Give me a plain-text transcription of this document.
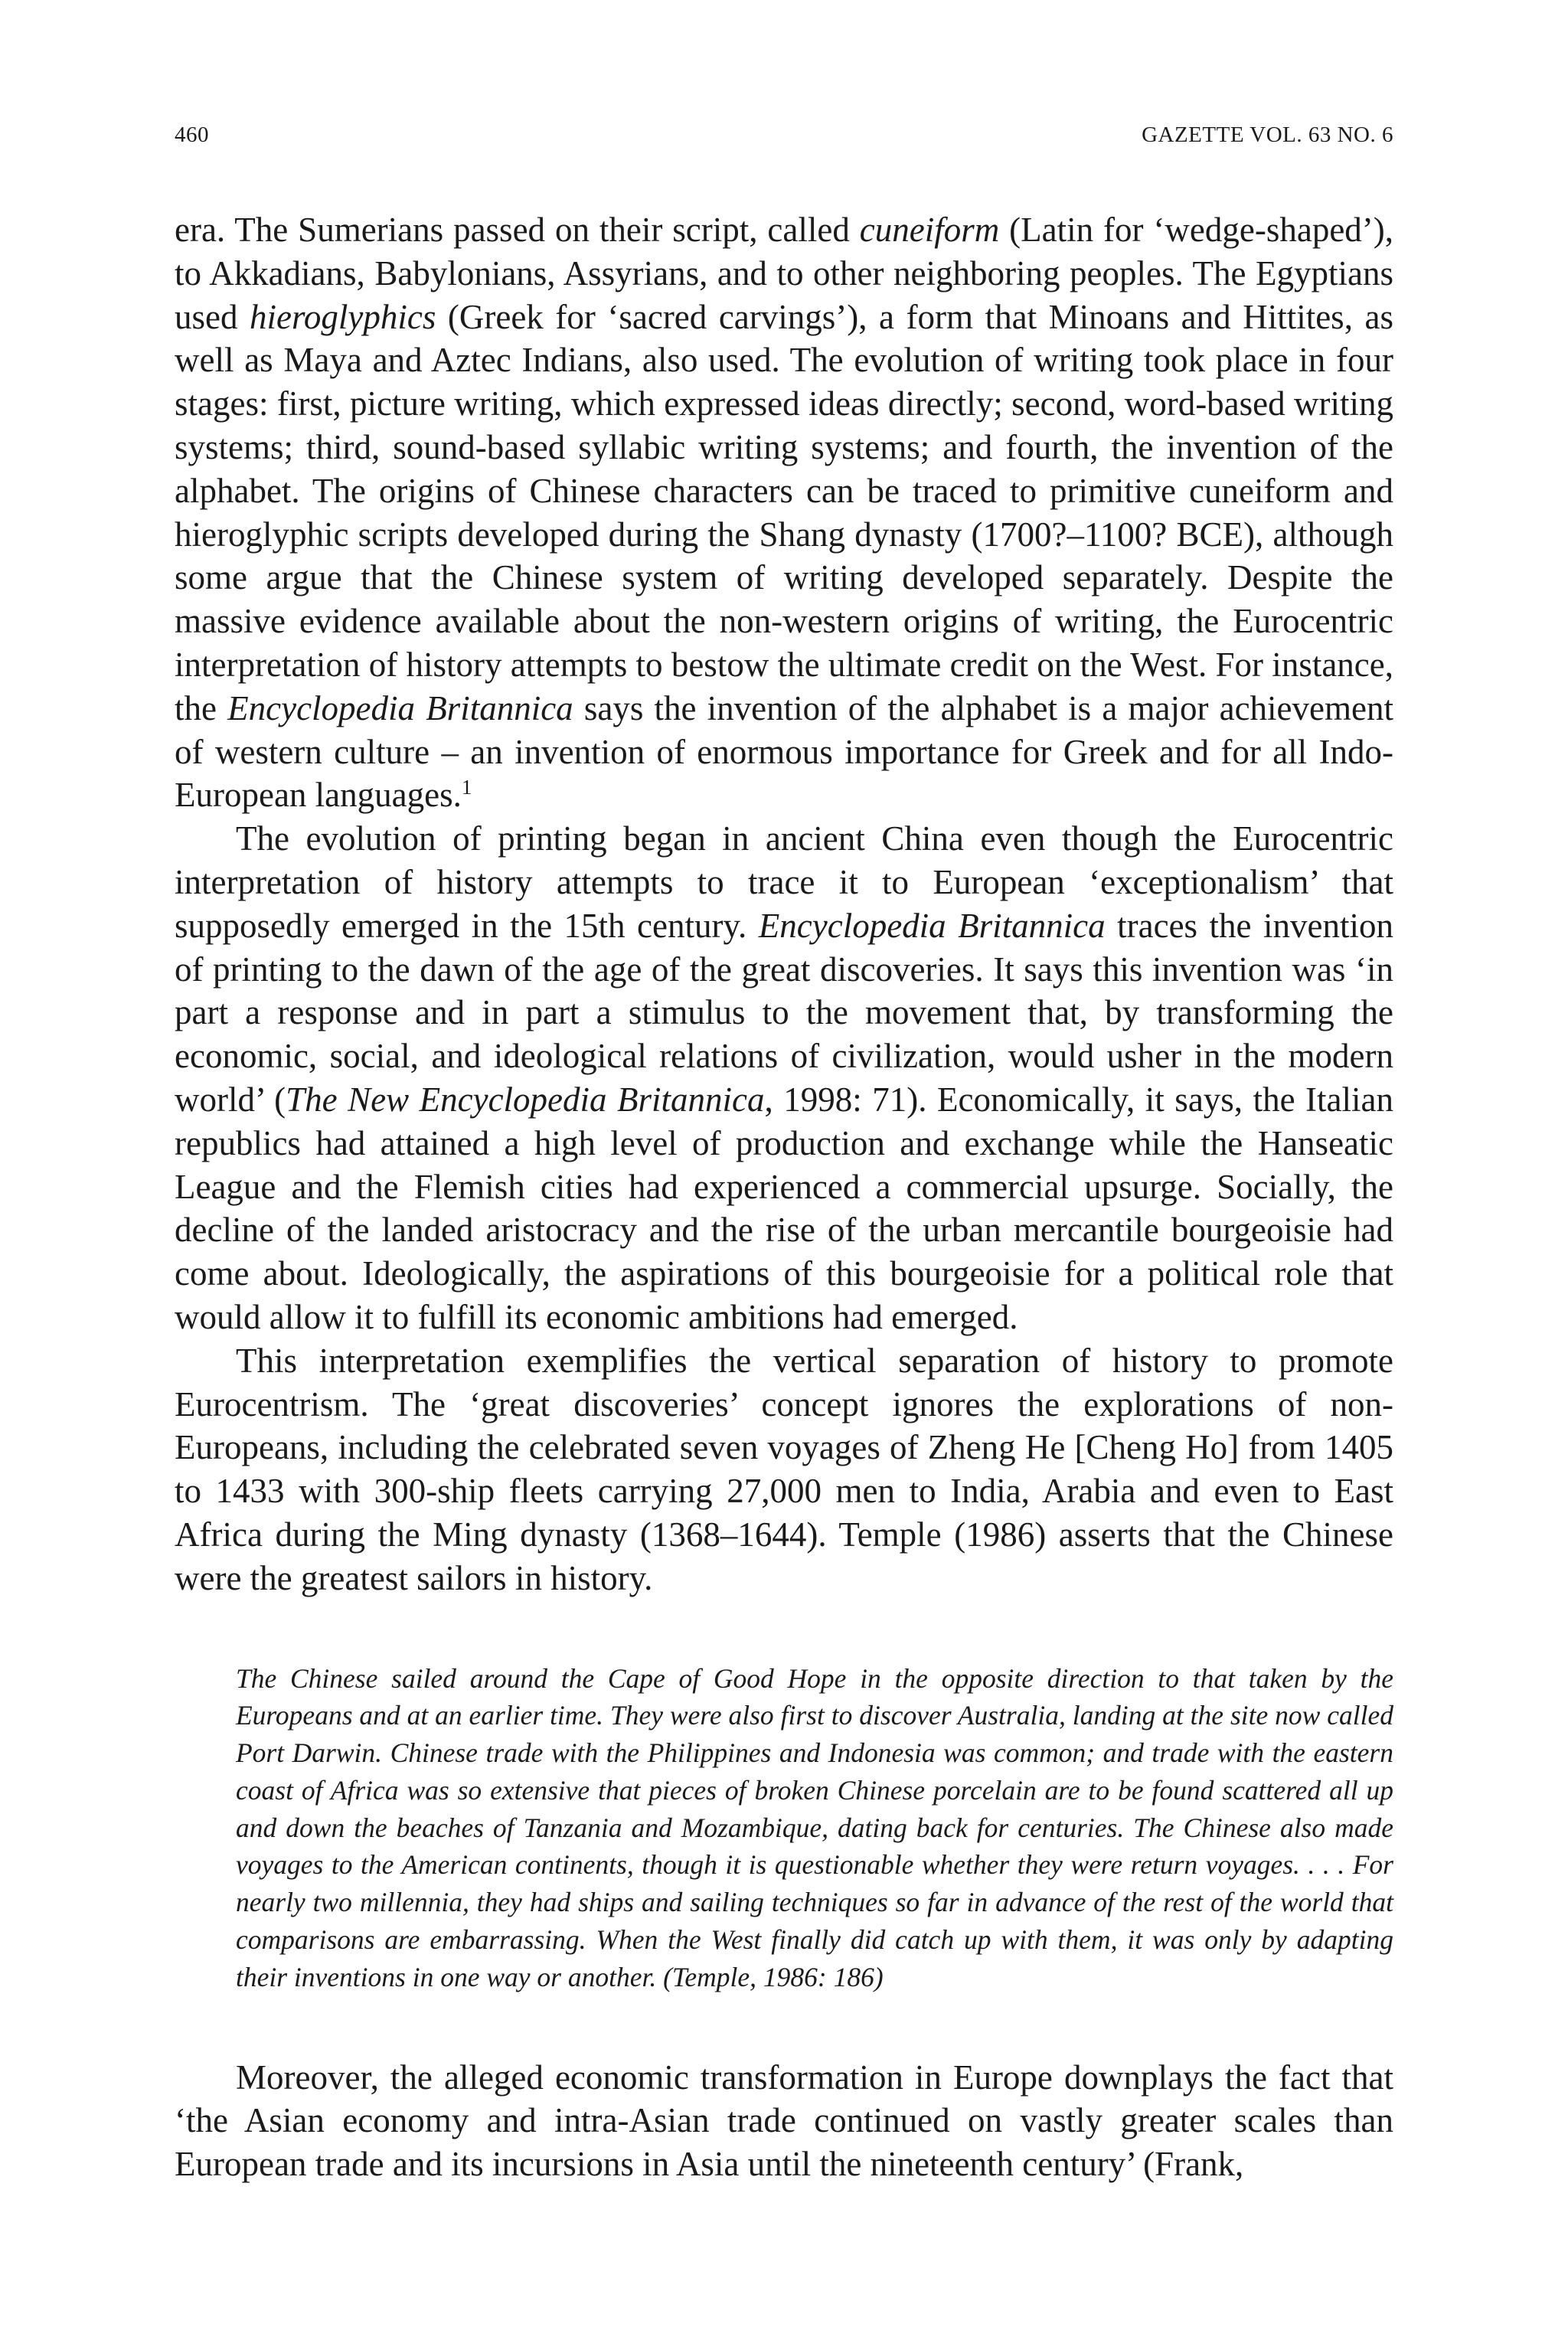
460	GAZETTE VOL. 63 NO. 6

era. The Sumerians passed on their script, called cuneiform (Latin for ‘wedge-shaped’), to Akkadians, Babylonians, Assyrians, and to other neighboring peoples. The Egyptians used hieroglyphics (Greek for ‘sacred carvings’), a form that Minoans and Hittites, as well as Maya and Aztec Indians, also used. The evolution of writing took place in four stages: first, picture writing, which expressed ideas directly; second, word-based writing systems; third, sound-based syllabic writing systems; and fourth, the invention of the alphabet. The origins of Chinese characters can be traced to primitive cuneiform and hieroglyphic scripts developed during the Shang dynasty (1700?–1100? BCE), although some argue that the Chinese system of writing developed separately. Despite the massive evidence available about the non-western origins of writing, the Eurocentric interpretation of history attempts to bestow the ultimate credit on the West. For instance, the Encyclopedia Britannica says the invention of the alphabet is a major achievement of western culture – an invention of enormous importance for Greek and for all Indo-European languages.$^1$

The evolution of printing began in ancient China even though the Eurocentric interpretation of history attempts to trace it to European ‘exceptionalism’ that supposedly emerged in the 15th century. Encyclopedia Britannica traces the invention of printing to the dawn of the age of the great discoveries. It says this invention was ‘in part a response and in part a stimulus to the movement that, by transforming the economic, social, and ideological relations of civilization, would usher in the modern world’ (The New Encyclopedia Britannica, 1998: 71). Economically, it says, the Italian republics had attained a high level of production and exchange while the Hanseatic League and the Flemish cities had experienced a commercial upsurge. Socially, the decline of the landed aristocracy and the rise of the urban mercantile bourgeoisie had come about. Ideologically, the aspirations of this bourgeoisie for a political role that would allow it to fulfill its economic ambitions had emerged.

This interpretation exemplifies the vertical separation of history to promote Eurocentrism. The ‘great discoveries’ concept ignores the explorations of non-Europeans, including the celebrated seven voyages of Zheng He [Cheng Ho] from 1405 to 1433 with 300-ship fleets carrying 27,000 men to India, Arabia and even to East Africa during the Ming dynasty (1368–1644). Temple (1986) asserts that the Chinese were the greatest sailors in history.

The Chinese sailed around the Cape of Good Hope in the opposite direction to that taken by the Europeans and at an earlier time. They were also first to discover Australia, landing at the site now called Port Darwin. Chinese trade with the Philippines and Indonesia was common; and trade with the eastern coast of Africa was so extensive that pieces of broken Chinese porcelain are to be found scattered all up and down the beaches of Tanzania and Mozambique, dating back for centuries. The Chinese also made voyages to the American continents, though it is questionable whether they were return voyages. . . . For nearly two millennia, they had ships and sailing techniques so far in advance of the rest of the world that comparisons are embarrassing. When the West finally did catch up with them, it was only by adapting their inventions in one way or another. (Temple, 1986: 186)

Moreover, the alleged economic transformation in Europe downplays the fact that ‘the Asian economy and intra-Asian trade continued on vastly greater scales than European trade and its incursions in Asia until the nineteenth century’ (Frank,
